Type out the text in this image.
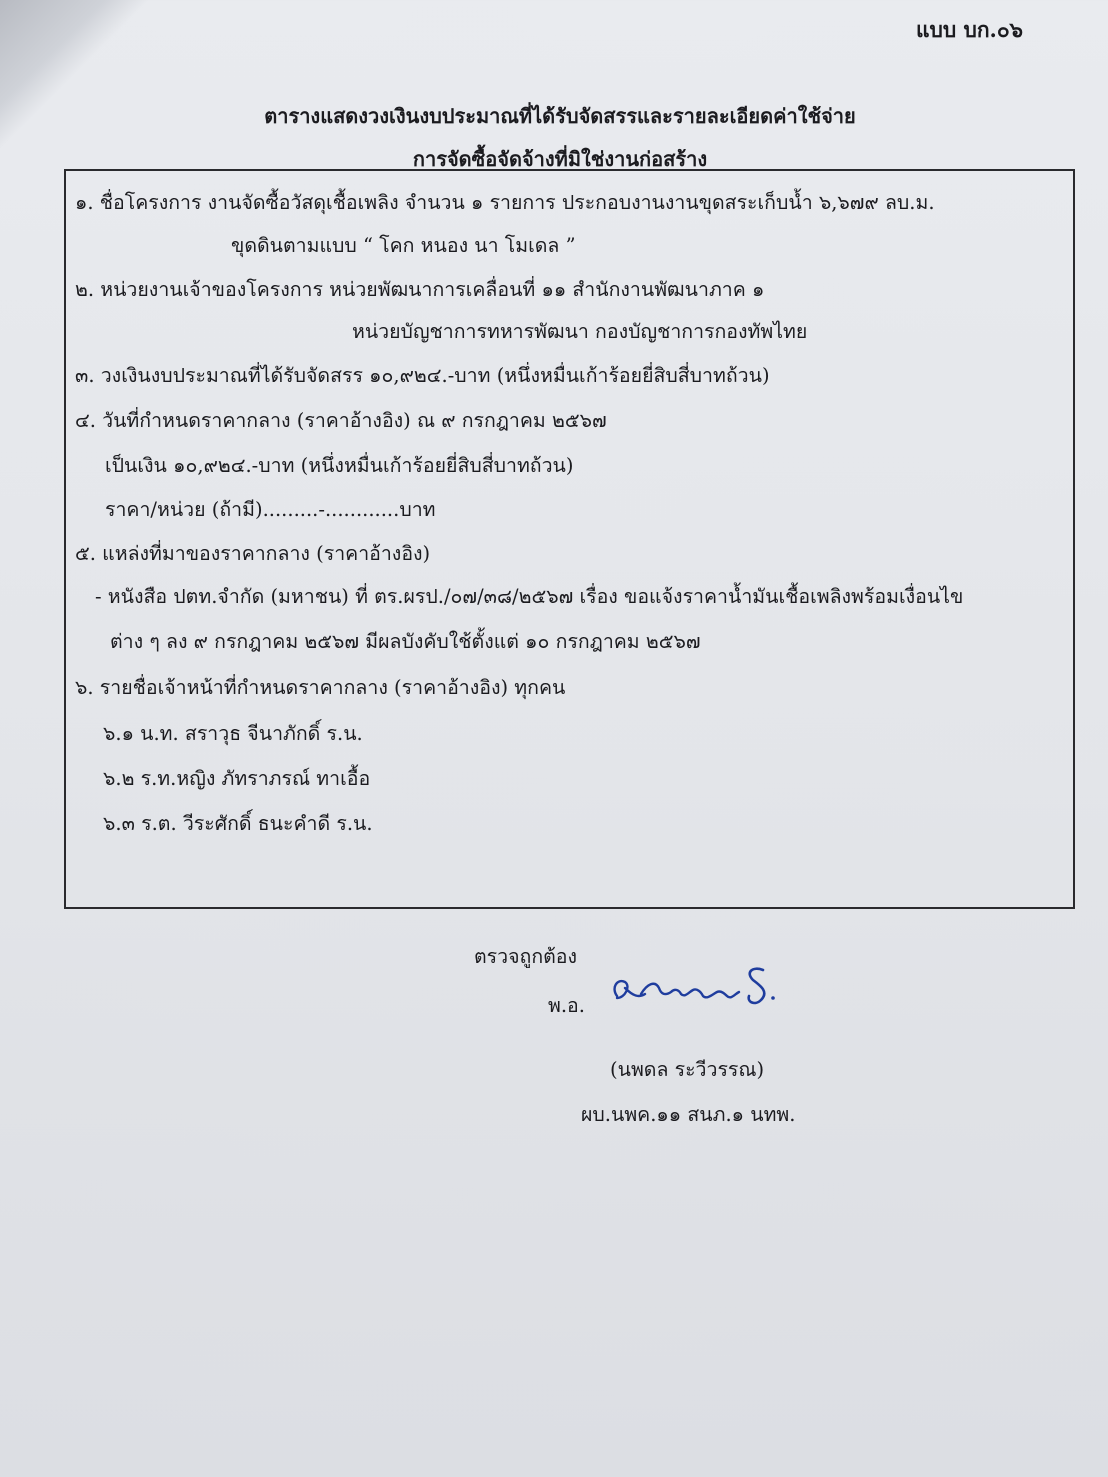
แบบ บก.๐๖
ตารางแสดงวงเงินงบประมาณที่ได้รับจัดสรรและรายละเอียดค่าใช้จ่าย
การจัดซื้อจัดจ้างที่มิใช่งานก่อสร้าง
๑. ชื่อโครงการ งานจัดซื้อวัสดุเชื้อเพลิง จำนวน ๑ รายการ ประกอบงานงานขุดสระเก็บน้ำ ๖,๖๗๙ ลบ.ม.
ขุดดินตามแบบ “ โคก หนอง นา โมเดล ”
๒. หน่วยงานเจ้าของโครงการ หน่วยพัฒนาการเคลื่อนที่ ๑๑ สำนักงานพัฒนาภาค ๑
หน่วยบัญชาการทหารพัฒนา กองบัญชาการกองทัพไทย
๓. วงเงินงบประมาณที่ได้รับจัดสรร ๑๐,๙๒๔.-บาท (หนึ่งหมื่นเก้าร้อยยี่สิบสี่บาทถ้วน)
๔. วันที่กำหนดราคากลาง (ราคาอ้างอิง) ณ ๙ กรกฎาคม ๒๕๖๗
เป็นเงิน ๑๐,๙๒๔.-บาท (หนึ่งหมื่นเก้าร้อยยี่สิบสี่บาทถ้วน)
ราคา/หน่วย (ถ้ามี).........-............บาท
๕. แหล่งที่มาของราคากลาง (ราคาอ้างอิง)
- หนังสือ ปตท.จำกัด (มหาชน) ที่ ตร.ผรป./๐๗/๓๘/๒๕๖๗ เรื่อง ขอแจ้งราคาน้ำมันเชื้อเพลิงพร้อมเงื่อนไข
ต่าง ๆ ลง ๙ กรกฎาคม ๒๕๖๗ มีผลบังคับใช้ตั้งแต่ ๑๐ กรกฎาคม ๒๕๖๗
๖. รายชื่อเจ้าหน้าที่กำหนดราคากลาง (ราคาอ้างอิง) ทุกคน
๖.๑ น.ท. สราวุธ จีนาภักดิ์ ร.น.
๖.๒ ร.ท.หญิง ภัทราภรณ์ ทาเอื้อ
๖.๓ ร.ต. วีระศักดิ์ ธนะคำดี ร.น.
ตรวจถูกต้อง
พ.อ.
(นพดล ระวีวรรณ)
ผบ.นพค.๑๑ สนภ.๑ นทพ.
